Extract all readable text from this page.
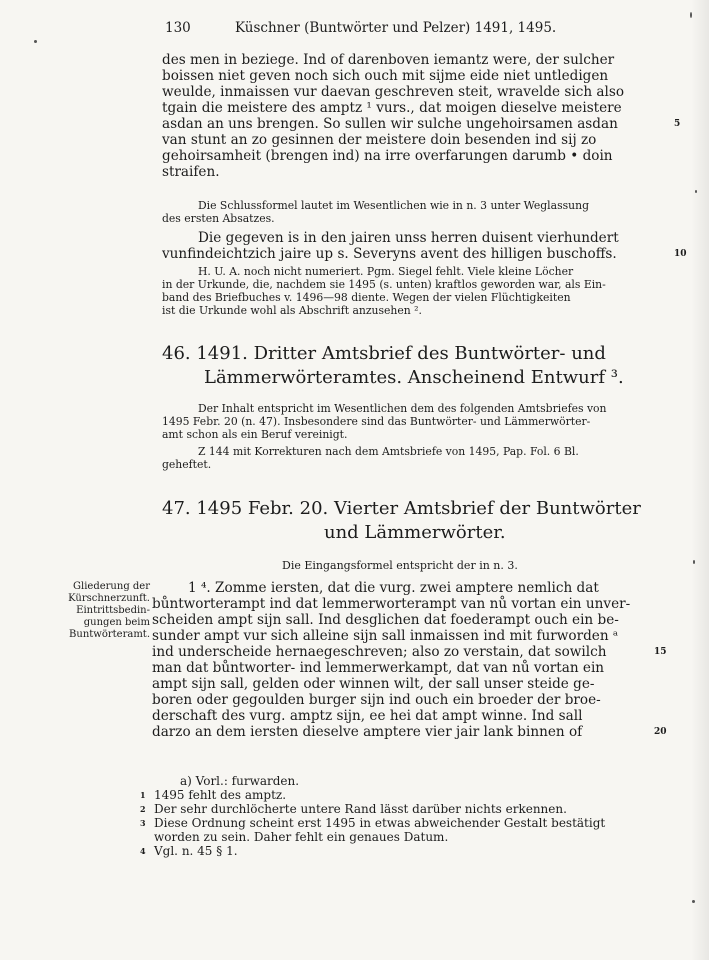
130	Küschner (Buntwörter und Pelzer) 1491, 1495.
des men in beziege. Ind of darenboven iemantz were, der sulcher
boissen niet geven noch sich ouch mit sijme eide niet untledigen
weulde, inmaissen vur daevan geschreven steit, wravelde sich also
tgain die meistere des amptz ¹ vurs., dat moigen dieselve meistere
asdan an uns brengen. So sullen wir sulche ungehoirsamen asdan	5
van stunt an zo gesinnen der meistere doin besenden ind sij zo
gehoirsamheit (brengen ind) na irre overfarungen darumb • doin
straifen.
Die Schlussformel lautet im Wesentlichen wie in n. 3 unter Weglassung
des ersten Absatzes.
Die gegeven is in den jairen unss herren duisent vierhundert
vunfindeichtzich jaire up s. Severyns avent des hilligen buschoffs.	10
H. U. A. noch nicht numeriert. Pgm. Siegel fehlt. Viele kleine Löcher
in der Urkunde, die, nachdem sie 1495 (s. unten) kraftlos geworden war, als Ein-
band des Briefbuches v. 1496—98 diente. Wegen der vielen Flüchtigkeiten
ist die Urkunde wohl als Abschrift anzusehen ².
46. 1491. Dritter Amtsbrief des Buntwörter- und
Lämmerwörteramtes. Anscheinend Entwurf ³.
Der Inhalt entspricht im Wesentlichen dem des folgenden Amtsbriefes von
1495 Febr. 20 (n. 47). Insbesondere sind das Buntwörter- und Lämmerwörter-
amt schon als ein Beruf vereinigt.
Z 144 mit Korrekturen nach dem Amtsbriefe von 1495, Pap. Fol. 6 Bl.
geheftet.
47. 1495 Febr. 20. Vierter Amtsbrief der Buntwörter
und Lämmerwörter.
Die Eingangsformel entspricht der in n. 3.
Gliederung der
Kürschnerzunft.
Eintrittsbedin-
gungen beim
Buntwörteramt.
1 ⁴. Zomme iersten, dat die vurg. zwei amptere nemlich dat
bůntworterampt ind dat lemmerworterampt van nů vortan ein unver-
scheiden ampt sijn sall. Ind desglichen dat foederampt ouch ein be-
sunder ampt vur sich alleine sijn sall inmaissen ind mit furworden ᵃ
ind underscheide hernaegeschreven; also zo verstain, dat sowilch	15
man dat bůntworter- ind lemmerwerkampt, dat van nů vortan ein
ampt sijn sall, gelden oder winnen wilt, der sall unser steide ge-
boren oder gegoulden burger sijn ind ouch ein broeder der broe-
derschaft des vurg. amptz sijn, ee hei dat ampt winne. Ind sall
darzo an dem iersten dieselve amptere vier jair lank binnen of	20
a) Vorl.: furwarden.
1 1495 fehlt des amptz.
2 Der sehr durchlöcherte untere Rand lässt darüber nichts erkennen.
3 Diese Ordnung scheint erst 1495 in etwas abweichender Gestalt bestätigt
worden zu sein. Daher fehlt ein genaues Datum.
4 Vgl. n. 45 § 1.
